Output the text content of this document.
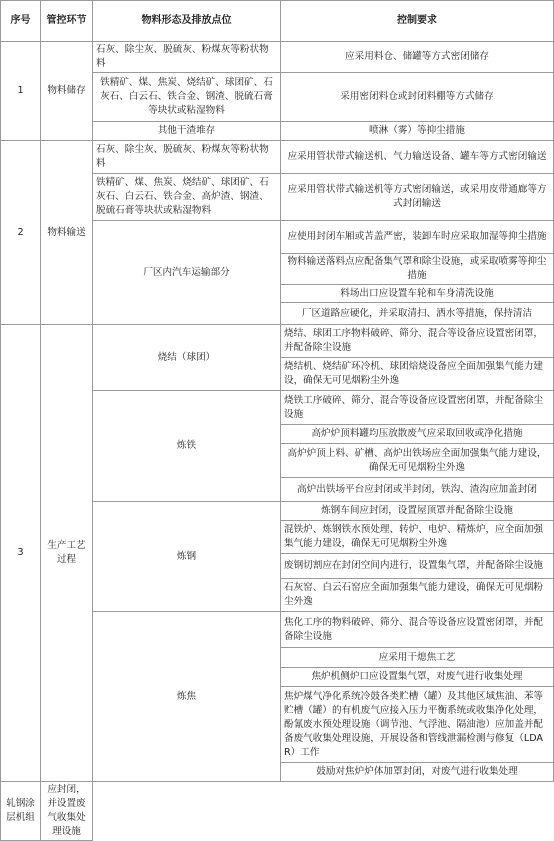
序号	管控环节	物料形态及排放点位	控制要求
1	物料储存	石灰、除尘灰、脱硫灰、粉煤灰等粉状物料	应采用料仓、储罐等方式密闭储存
		铁精矿、煤、焦炭、烧结矿、球团矿、石灰石、白云石、铁合金、钢渣、脱硫石膏等块状或粘湿物料	采用密闭料仓或封闭料棚等方式储存
		其他干渣堆存	喷淋（雾）等抑尘措施
2	物料输送	石灰、除尘灰、脱硫灰、粉煤灰等粉状物料	应采用管状带式输送机、气力输送设备、罐车等方式密闭输送
		铁精矿、煤、焦炭、烧结矿、球团矿、石灰石、白云石、铁合金、高炉渣、钢渣、脱硫石膏等块状或粘湿物料	应采用管状带式输送机等方式密闭输送，或采用皮带通廊等方式封闭输送
		厂区内汽车运输部分	应使用封闭车厢或苫盖严密，装卸车时应采取加湿等抑尘措施
			物料输送落料点应配备集气罩和除尘设施，或采取喷雾等抑尘措施
			料场出口应设置车轮和车身清洗设施
			厂区道路应硬化，并采取清扫、洒水等措施，保持清洁
3	生产工艺过程	烧结（球团）	烧结、球团工序物料破碎、筛分、混合等设备应设置密闭罩，并配备除尘设施
			烧结机、烧结矿环冷机、球团焙烧设备应全面加强集气能力建设，确保无可见烟粉尘外逸
		炼铁	烧铁工序破碎、筛分、混合等设备应设置密闭罩，并配备除尘设施
			高炉炉顶料罐均压放散废气应采取回收或净化措施
			高炉炉顶上料、矿槽、高炉出铁场应全面加强集气能力建设，确保无可见烟粉尘外逸
			高炉出铁场平台应封闭或半封闭，铁沟、渣沟应加盖封闭
		炼钢	炼钢车间应封闭，设置屋顶罩并配备除尘设施
			混铁炉、炼钢铁水预处理、转炉、电炉、精炼炉，应全面加强集气能力建设，确保无可见烟粉尘外逸
			废钢切割应在封闭空间内进行，设置集气罩，并配备除尘设施
			石灰窑、白云石窑应全面加强集气能力建设，确保无可见烟粉尘外逸
		炼焦	焦化工序的物料破碎、筛分、混合等设备应设置密闭罩，并配备除尘设施
			应采用干熄焦工艺
			焦炉机侧炉口应设置集气罩，对废气进行收集处理
			焦炉煤气净化系统冷鼓各类贮槽（罐）及其他区域焦油、苯等贮槽（罐）的有机废气应接入压力平衡系统或收集净化处理，酚氰废水预处理设施（调节池、气浮池、隔油池）应加盖并配备废气收集处理设施，开展设备和管线泄漏检测与修复（LDAR）工作
			鼓励对焦炉炉体加罩封闭，对废气进行收集处理
轧钢涂层机组	应封闭，并设置废气收集处理设施		
